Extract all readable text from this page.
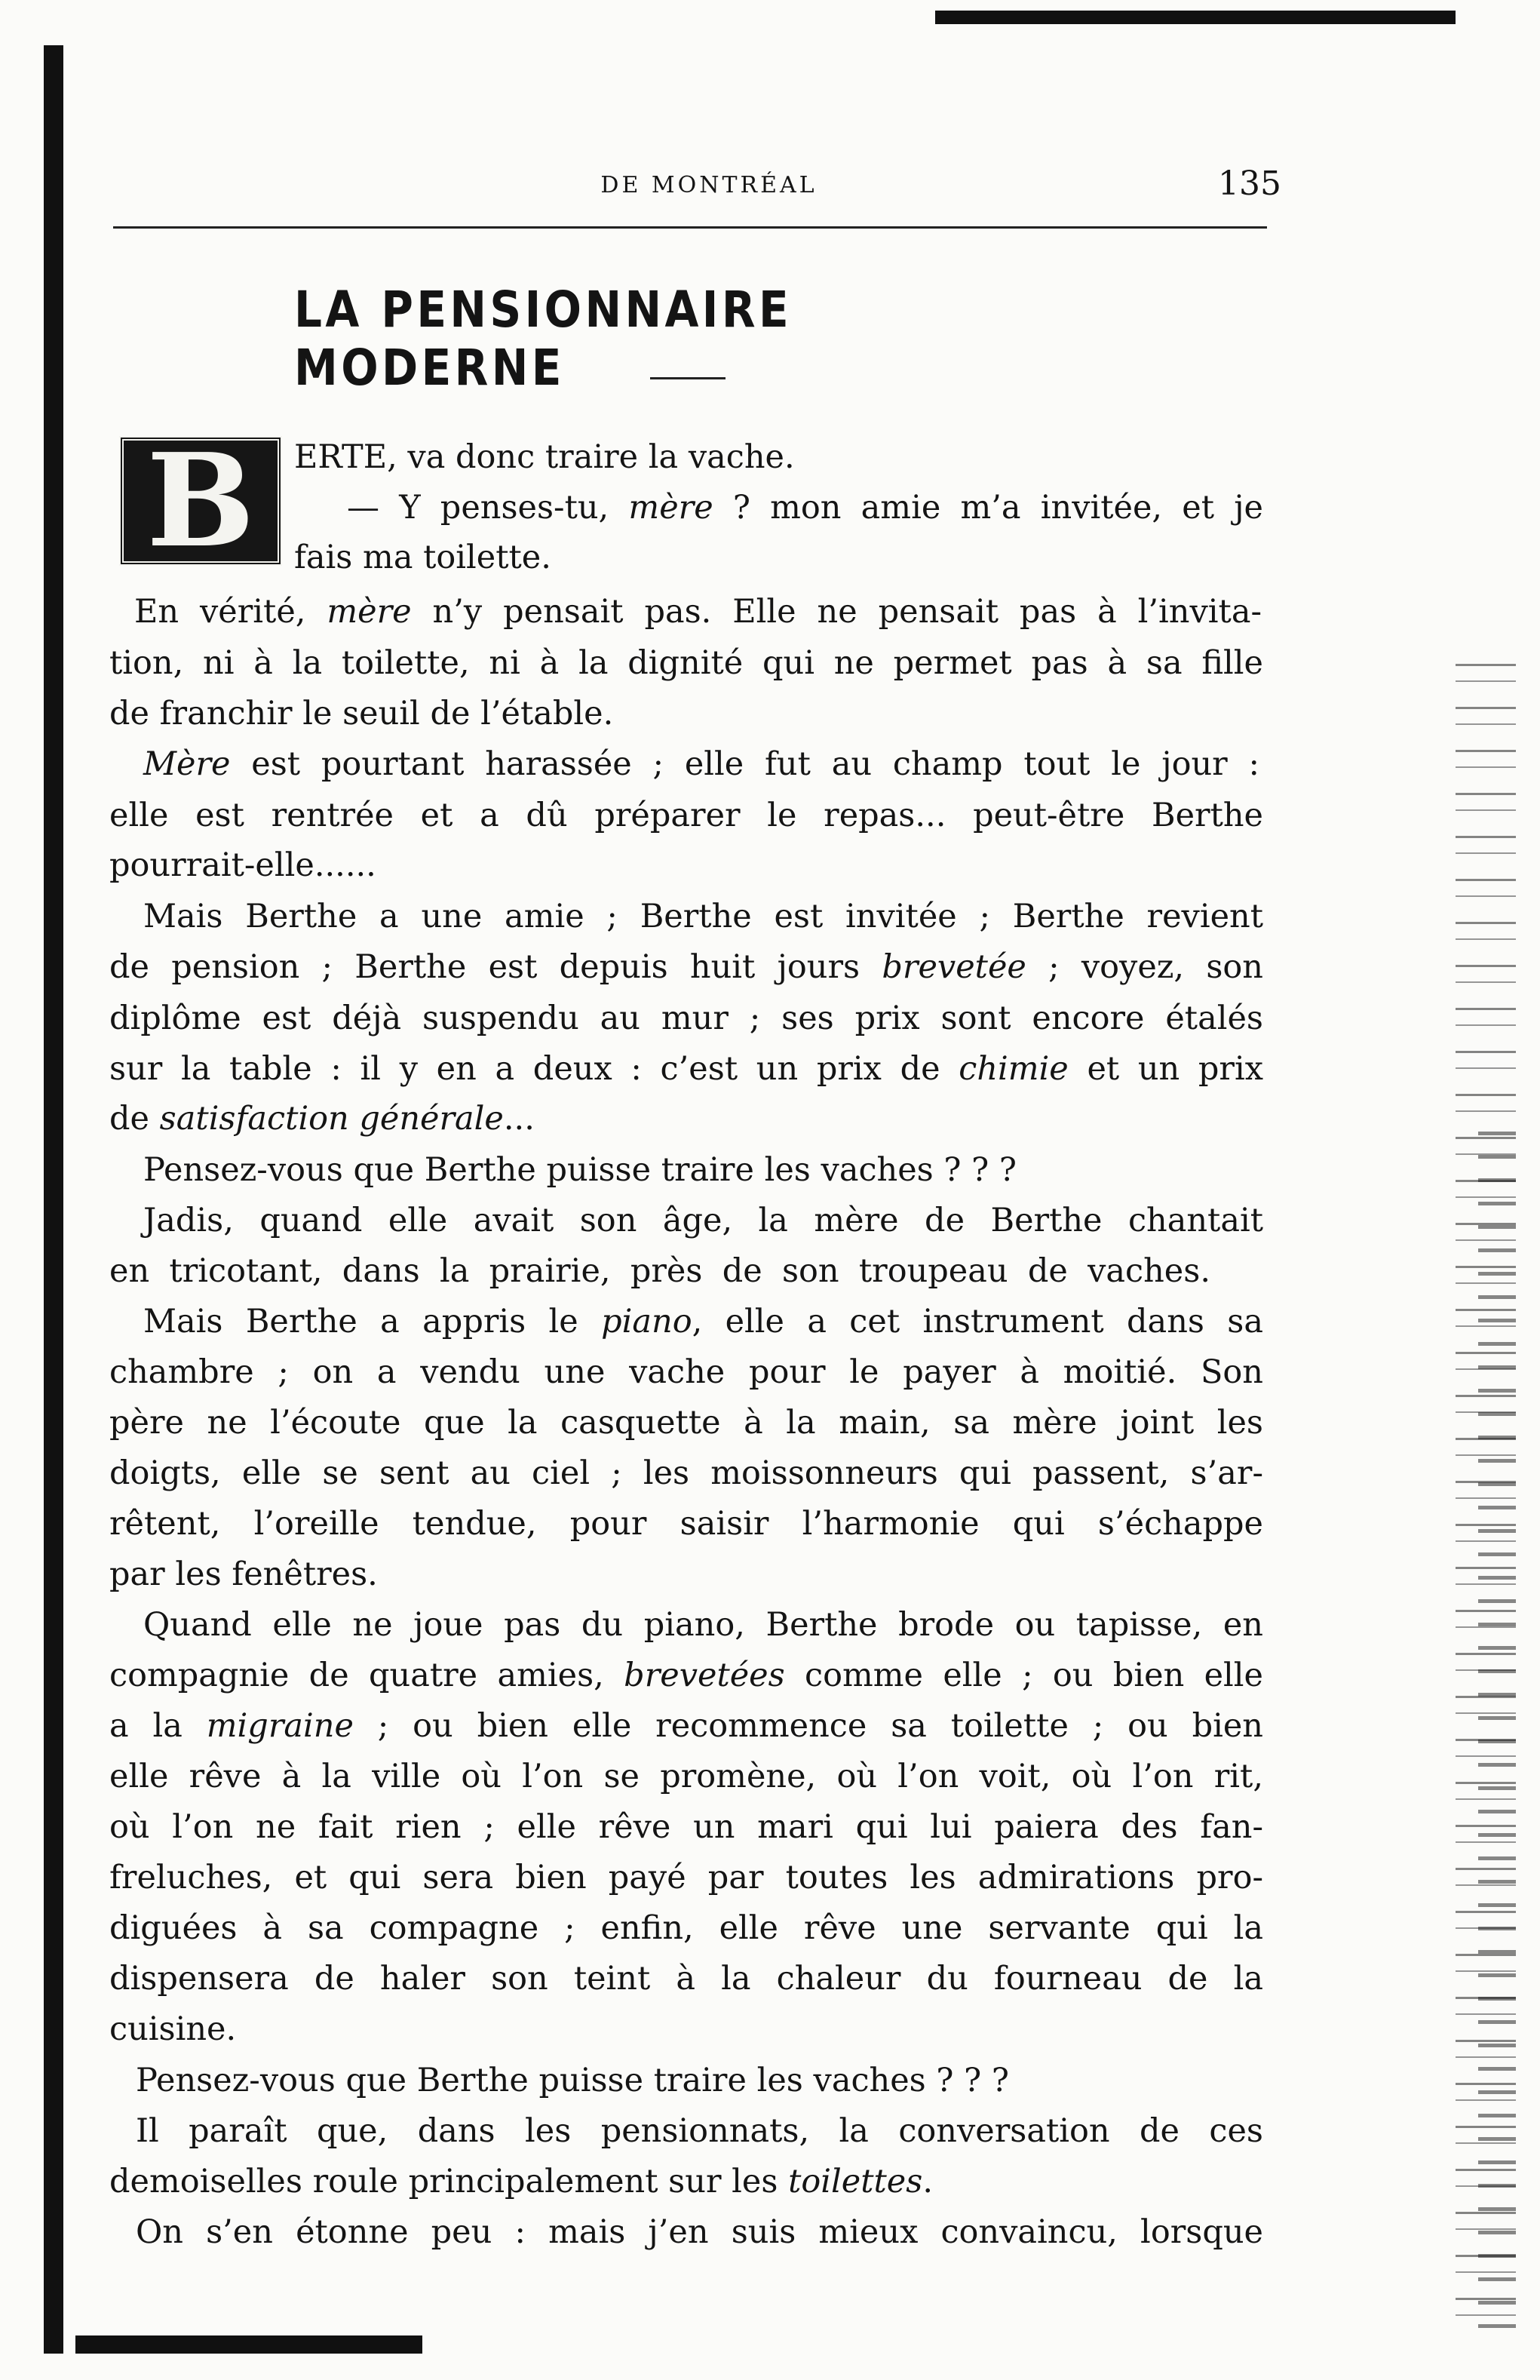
DE MONTRÉAL	135
LA PENSIONNAIRE MODERNE
B ERTE, va donc traire la vache.
— Y penses-tu, mère ? mon amie m’a invitée, et je
fais ma toilette.
En vérité, mère n’y pensait pas. Elle ne pensait pas à l’invita-
tion, ni à la toilette, ni à la dignité qui ne permet pas à sa fille
de franchir le seuil de l’étable.
Mère est pourtant harassée ; elle fut au champ tout le jour :
elle est rentrée et a dû préparer le repas... peut-être Berthe
pourrait-elle......
Mais Berthe a une amie ; Berthe est invitée ; Berthe revient
de pension ; Berthe est depuis huit jours brevetée ; voyez, son
diplôme est déjà suspendu au mur ; ses prix sont encore étalés
sur la table : il y en a deux : c’est un prix de chimie et un prix
de satisfaction générale...
Pensez-vous que Berthe puisse traire les vaches ? ? ?
Jadis, quand elle avait son âge, la mère de Berthe chantait
en tricotant, dans la prairie, près de son troupeau de vaches.
Mais Berthe a appris le piano, elle a cet instrument dans sa
chambre ; on a vendu une vache pour le payer à moitié. Son
père ne l’écoute que la casquette à la main, sa mère joint les
doigts, elle se sent au ciel ; les moissonneurs qui passent, s’ar-
rêtent, l’oreille tendue, pour saisir l’harmonie qui s’échappe
par les fenêtres.
Quand elle ne joue pas du piano, Berthe brode ou tapisse, en
compagnie de quatre amies, brevetées comme elle ; ou bien elle
a la migraine ; ou bien elle recommence sa toilette ; ou bien
elle rêve à la ville où l’on se promène, où l’on voit, où l’on rit,
où l’on ne fait rien ; elle rêve un mari qui lui paiera des fan-
freluches, et qui sera bien payé par toutes les admirations pro-
diguées à sa compagne ; enfin, elle rêve une servante qui la
dispensera de haler son teint à la chaleur du fourneau de la
cuisine.
Pensez-vous que Berthe puisse traire les vaches ? ? ?
Il paraît que, dans les pensionnats, la conversation de ces
demoiselles roule principalement sur les toilettes.
On s’en étonne peu : mais j’en suis mieux convaincu, lorsque
